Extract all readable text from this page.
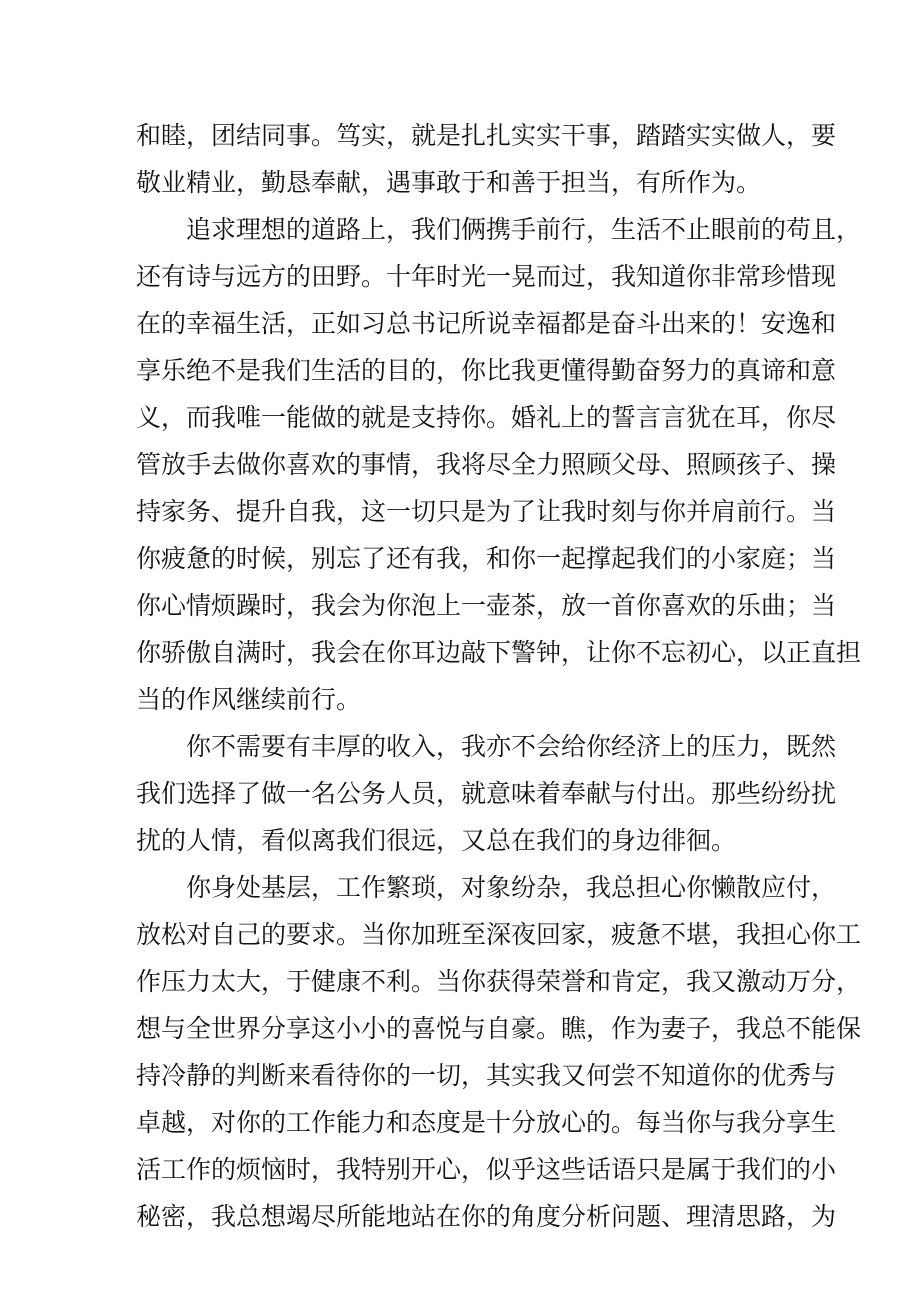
和睦，团结同事。笃实，就是扎扎实实干事，踏踏实实做人，要
敬业精业，勤恳奉献，遇事敢于和善于担当，有所作为。
追求理想的道路上，我们俩携手前行，生活不止眼前的苟且，
还有诗与远方的田野。十年时光一晃而过，我知道你非常珍惜现
在的幸福生活，正如习总书记所说幸福都是奋斗出来的！安逸和
享乐绝不是我们生活的目的，你比我更懂得勤奋努力的真谛和意
义，而我唯一能做的就是支持你。婚礼上的誓言言犹在耳，你尽
管放手去做你喜欢的事情，我将尽全力照顾父母、照顾孩子、操
持家务、提升自我，这一切只是为了让我时刻与你并肩前行。当
你疲惫的时候，别忘了还有我，和你一起撑起我们的小家庭；当
你心情烦躁时，我会为你泡上一壶茶，放一首你喜欢的乐曲；当
你骄傲自满时，我会在你耳边敲下警钟，让你不忘初心，以正直担
当的作风继续前行。
你不需要有丰厚的收入，我亦不会给你经济上的压力，既然
我们选择了做一名公务人员，就意味着奉献与付出。那些纷纷扰
扰的人情，看似离我们很远，又总在我们的身边徘徊。
你身处基层，工作繁琐，对象纷杂，我总担心你懒散应付，
放松对自己的要求。当你加班至深夜回家，疲惫不堪，我担心你工
作压力太大，于健康不利。当你获得荣誉和肯定，我又激动万分，
想与全世界分享这小小的喜悦与自豪。瞧，作为妻子，我总不能保
持冷静的判断来看待你的一切，其实我又何尝不知道你的优秀与
卓越，对你的工作能力和态度是十分放心的。每当你与我分享生
活工作的烦恼时，我特别开心，似乎这些话语只是属于我们的小
秘密，我总想竭尽所能地站在你的角度分析问题、理清思路，为
